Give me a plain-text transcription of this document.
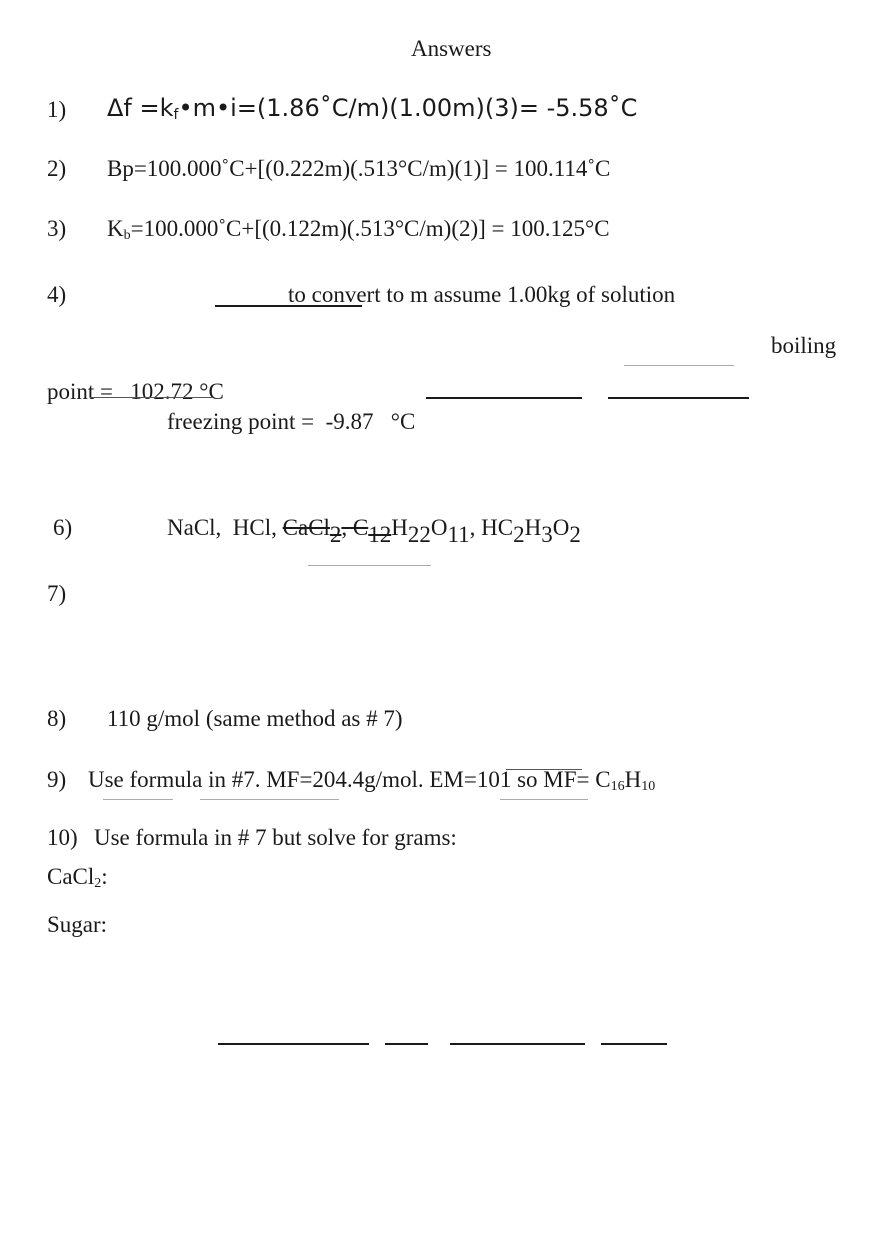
Answers
1) $\Delta f =k_f•m•i=(1.86˚C/m)(1.00m)(3)=$ -5.58˚C
2) Bp=100.000˚C+[(0.222m)(.513°C/m)(1)] = 100.114˚C
3) $K_b=100.000˚C+[(0.122m)(.513^\circ C/m)(2)] = 100.125^\circ C$
4)	to convert to m assume 1.00kg of solution
boiling
point = 102.72 °C
freezing point = -9.87 °C
6)	NaCl,  HCl, CaCl$_2$, $C_{12}H_{22}O_{11}$, $HC_2H_3O_2$
7)
8) 110 g/mol (same method as # 7)
9) Use formula in #7. MF=204.4g/mol. EM=101 so $MF= C_{16}H_{10}$
10) Use formula in # 7 but solve for grams:
CaCl$_2$:
Sugar:
